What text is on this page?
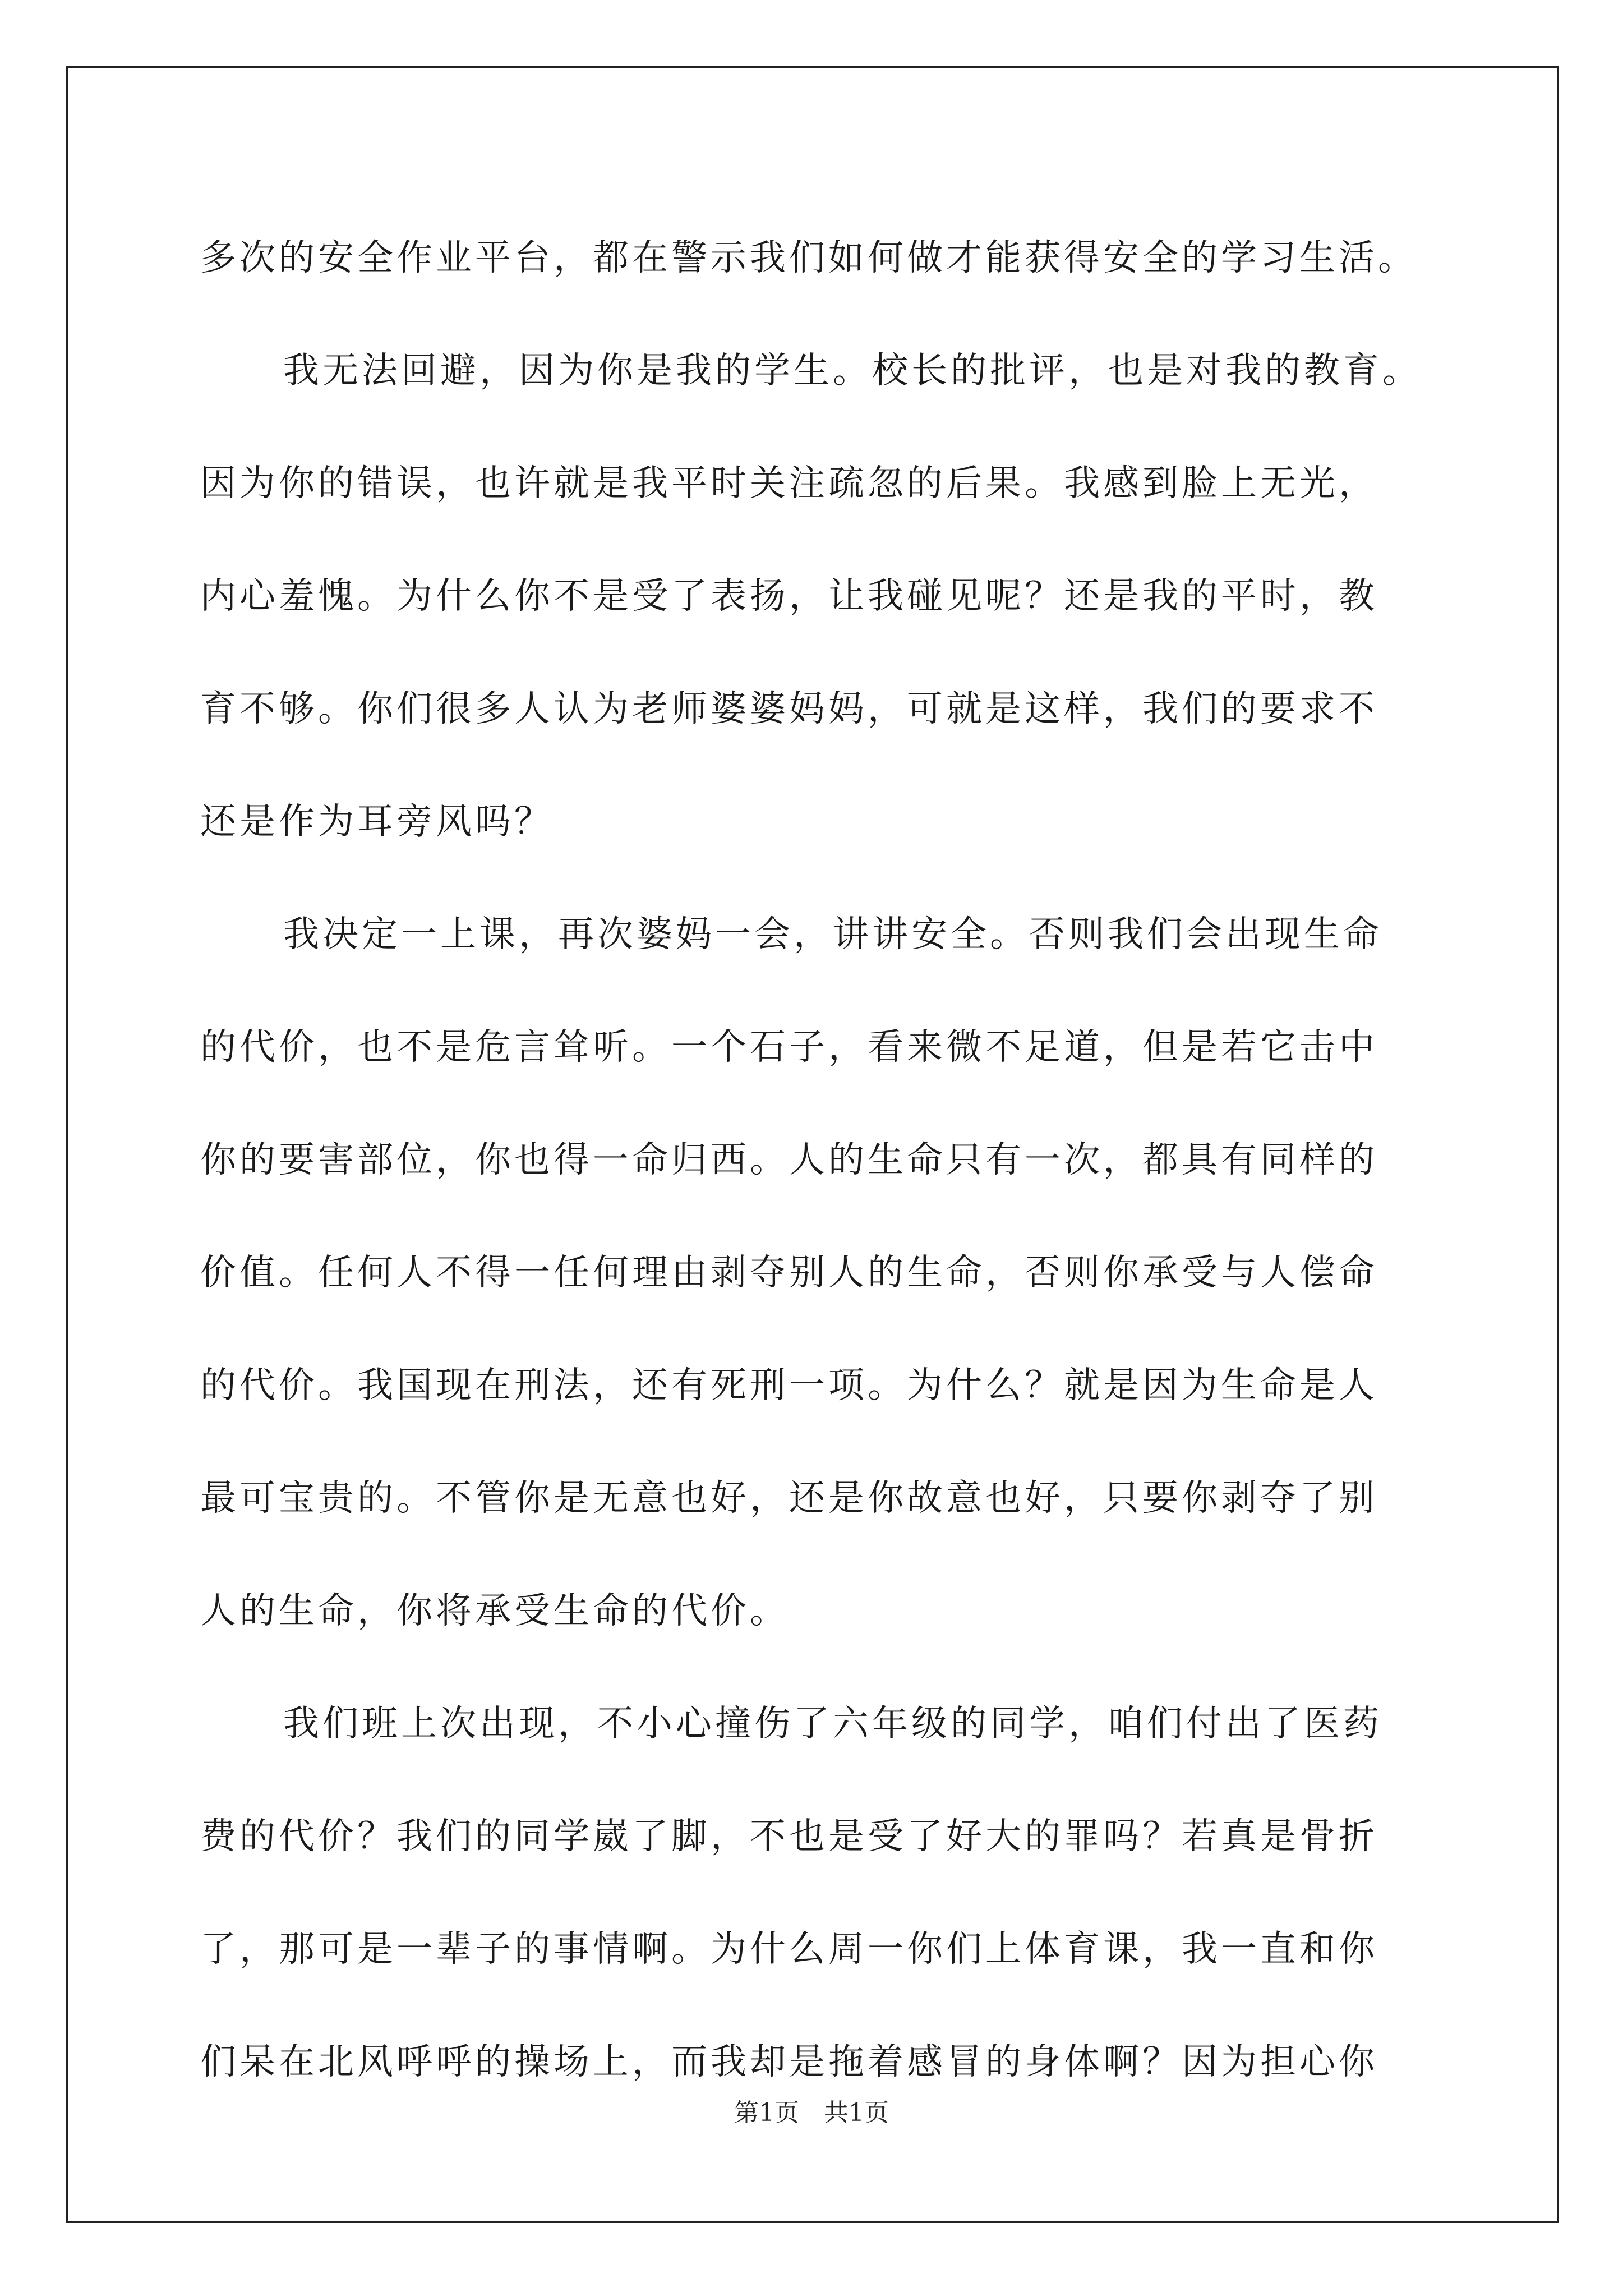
多次的安全作业平台，都在警示我们如何做才能获得安全的学习生活。
我无法回避，因为你是我的学生。校长的批评，也是对我的教育。
因为你的错误，也许就是我平时关注疏忽的后果。我感到脸上无光，
内心羞愧。为什么你不是受了表扬，让我碰见呢？还是我的平时，教
育不够。你们很多人认为老师婆婆妈妈，可就是这样，我们的要求不
还是作为耳旁风吗？
我决定一上课，再次婆妈一会，讲讲安全。否则我们会出现生命
的代价，也不是危言耸听。一个石子，看来微不足道，但是若它击中
你的要害部位，你也得一命归西。人的生命只有一次，都具有同样的
价值。任何人不得一任何理由剥夺别人的生命，否则你承受与人偿命
的代价。我国现在刑法，还有死刑一项。为什么？就是因为生命是人
最可宝贵的。不管你是无意也好，还是你故意也好，只要你剥夺了别
人的生命，你将承受生命的代价。
我们班上次出现，不小心撞伤了六年级的同学，咱们付出了医药
费的代价？我们的同学崴了脚，不也是受了好大的罪吗？若真是骨折
了，那可是一辈子的事情啊。为什么周一你们上体育课，我一直和你
们呆在北风呼呼的操场上，而我却是拖着感冒的身体啊？因为担心你
第1页　共1页
